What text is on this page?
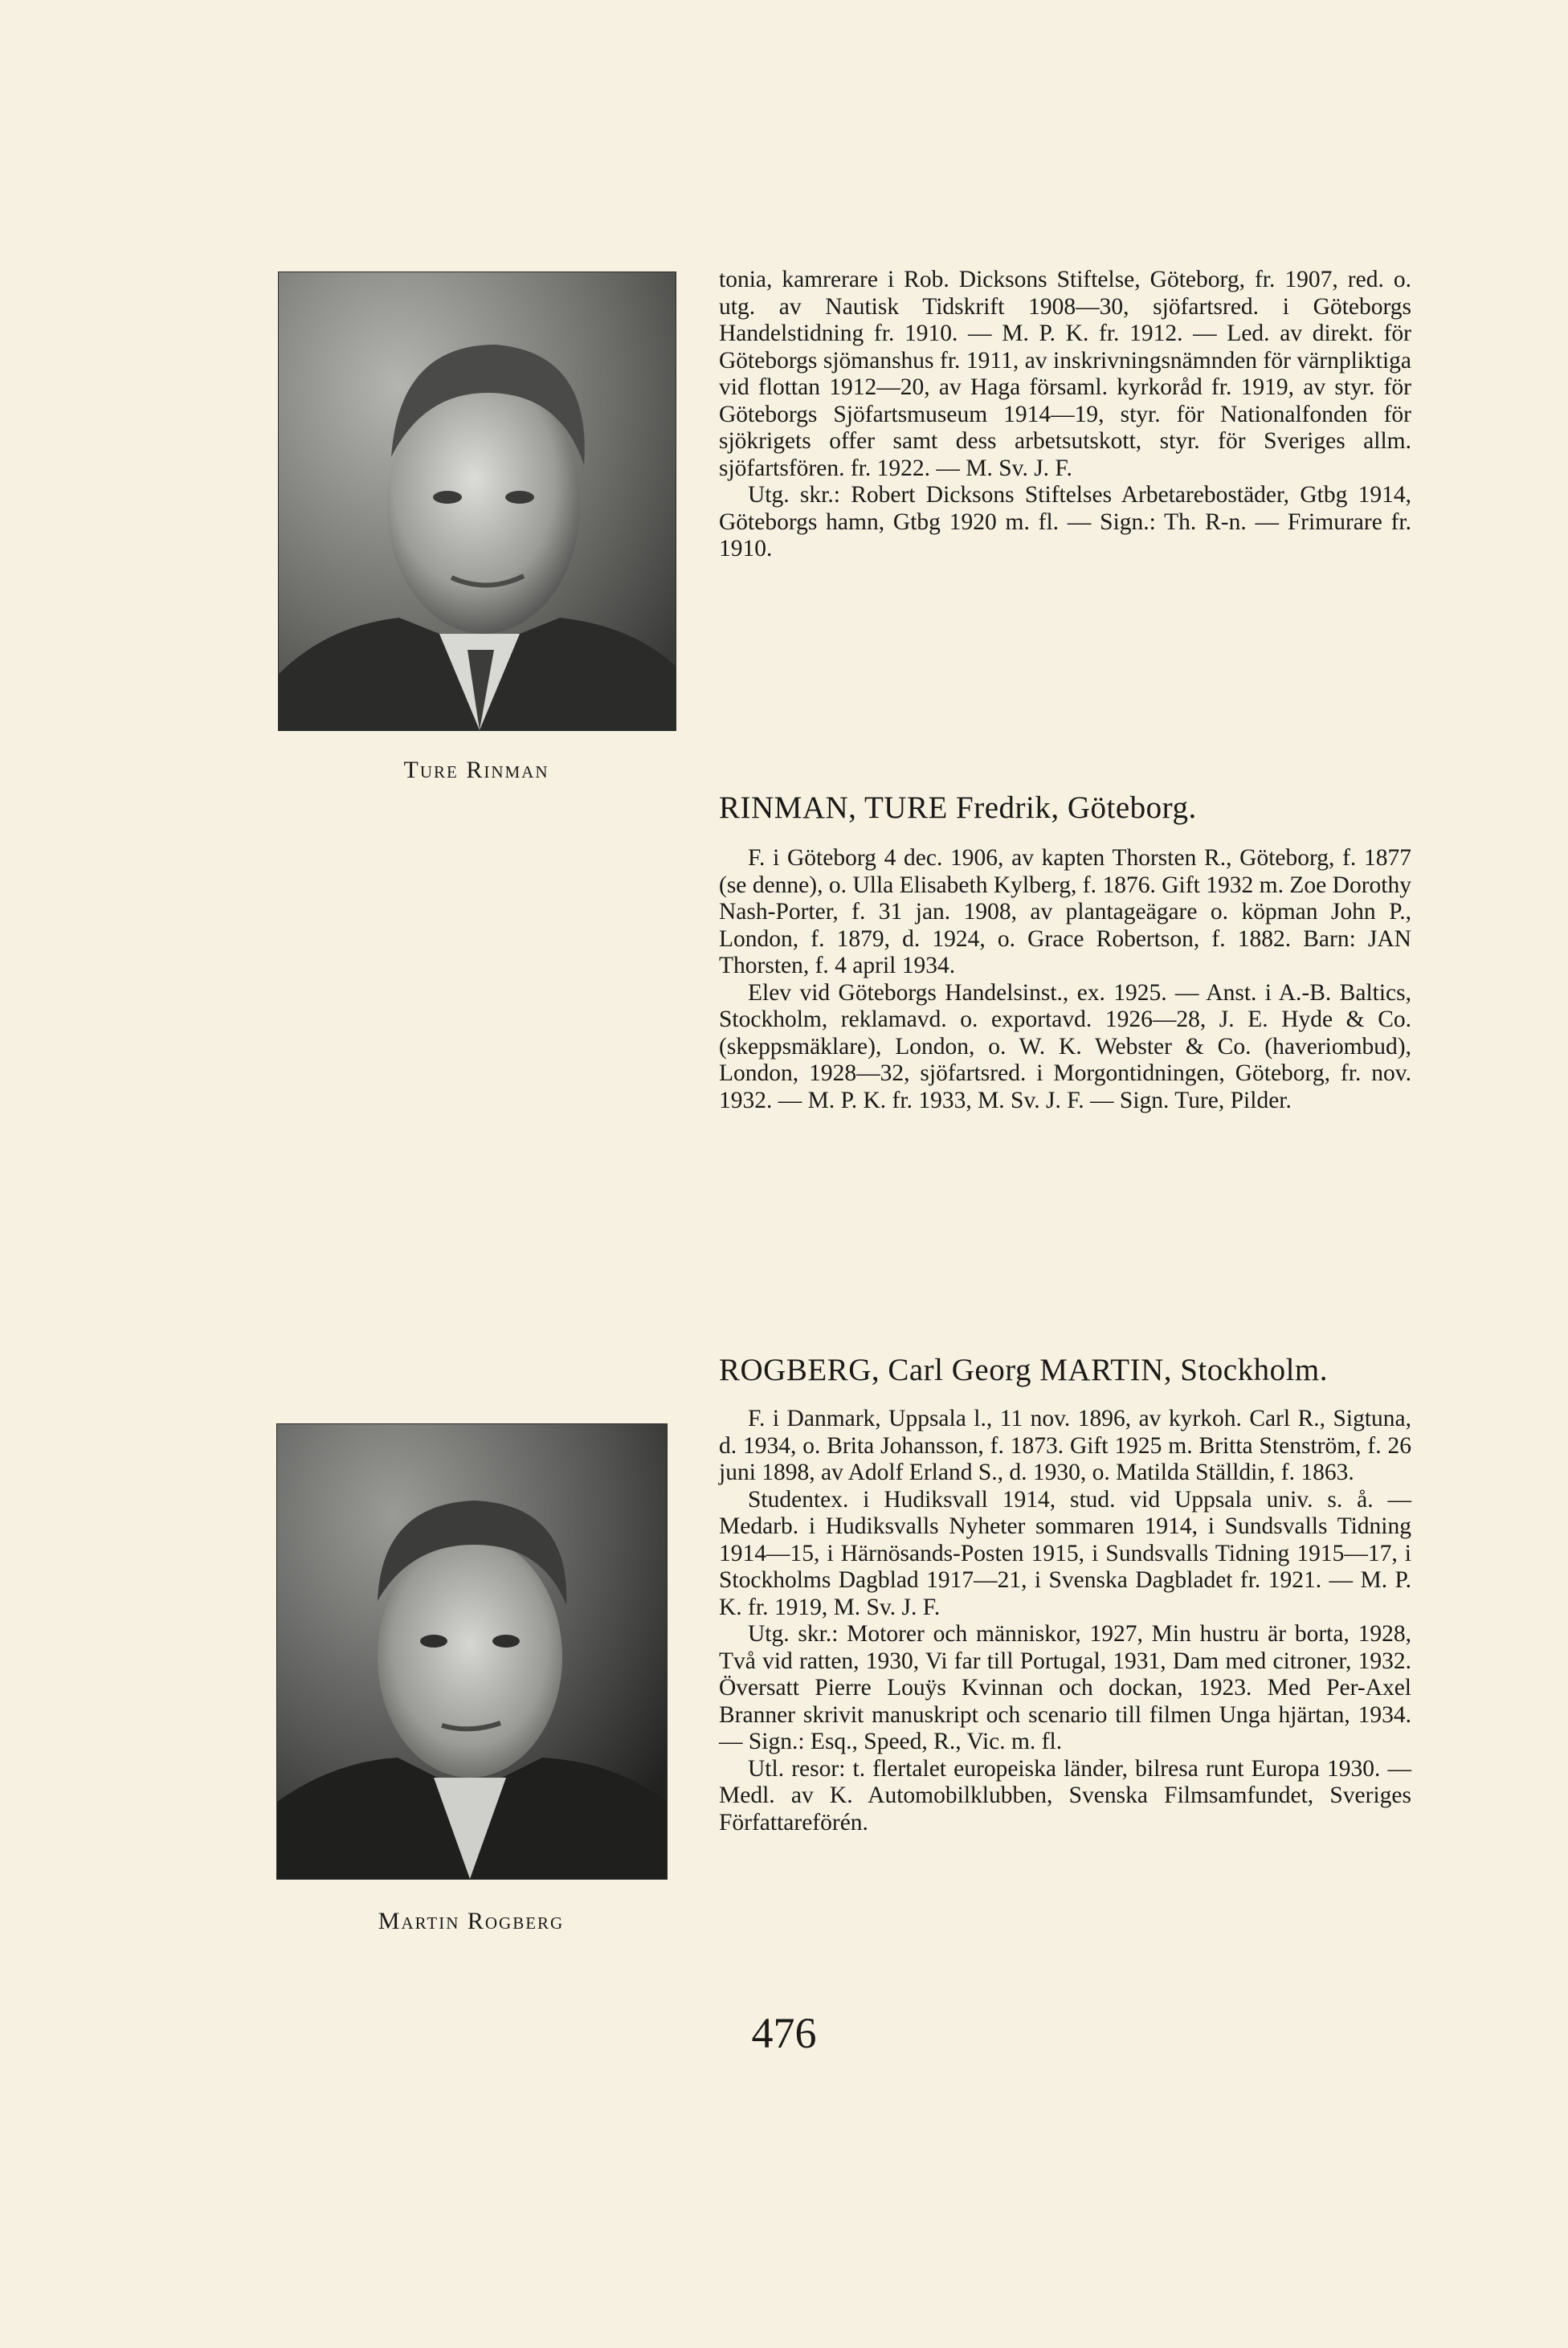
Ture Rinman

tonia, kamrerare i Rob. Dicksons Stiftelse, Göteborg, fr. 1907, red. o. utg. av Nautisk Tidskrift 1908—30, sjöfartsred. i Göteborgs Handelstidning fr. 1910. — M. P. K. fr. 1912. — Led. av direkt. för Göteborgs sjömanshus fr. 1911, av inskrivningsnämnden för värnpliktiga vid flottan 1912—20, av Haga församl. kyrkoråd fr. 1919, av styr. för Göteborgs Sjöfartsmuseum 1914—19, styr. för Nationalfonden för sjökrigets offer samt dess arbetsutskott, styr. för Sveriges allm. sjöfartsfören. fr. 1922. — M. Sv. J. F.

Utg. skr.: Robert Dicksons Stiftelses Arbetarebostäder, Gtbg 1914, Göteborgs hamn, Gtbg 1920 m. fl. — Sign.: Th. R-n. — Frimurare fr. 1910.

RINMAN, TURE Fredrik, Göteborg.

F. i Göteborg 4 dec. 1906, av kapten Thorsten R., Göteborg, f. 1877 (se denne), o. Ulla Elisabeth Kylberg, f. 1876. Gift 1932 m. Zoe Dorothy Nash-Porter, f. 31 jan. 1908, av plantageägare o. köpman John P., London, f. 1879, d. 1924, o. Grace Robertson, f. 1882. Barn: JAN Thorsten, f. 4 april 1934.

Elev vid Göteborgs Handelsinst., ex. 1925. — Anst. i A.-B. Baltics, Stockholm, reklamavd. o. exportavd. 1926—28, J. E. Hyde & Co. (skeppsmäklare), London, o. W. K. Webster & Co. (haveriombud), London, 1928—32, sjöfartsred. i Morgontidningen, Göteborg, fr. nov. 1932. — M. P. K. fr. 1933, M. Sv. J. F. — Sign. Ture, Pilder.

ROGBERG, Carl Georg MARTIN, Stockholm.

F. i Danmark, Uppsala l., 11 nov. 1896, av kyrkoh. Carl R., Sigtuna, d. 1934, o. Brita Johansson, f. 1873. Gift 1925 m. Britta Stenström, f. 26 juni 1898, av Adolf Erland S., d. 1930, o. Matilda Ställdin, f. 1863.

Studentex. i Hudiksvall 1914, stud. vid Uppsala univ. s. å. — Medarb. i Hudiksvalls Nyheter sommaren 1914, i Sundsvalls Tidning 1914—15, i Härnösands-Posten 1915, i Sundsvalls Tidning 1915—17, i Stockholms Dagblad 1917—21, i Svenska Dagbladet fr. 1921. — M. P. K. fr. 1919, M. Sv. J. F.

Utg. skr.: Motorer och människor, 1927, Min hustru är borta, 1928, Två vid ratten, 1930, Vi far till Portugal, 1931, Dam med citroner, 1932. Översatt Pierre Louÿs Kvinnan och dockan, 1923. Med Per-Axel Branner skrivit manuskript och scenario till filmen Unga hjärtan, 1934. — Sign.: Esq., Speed, R., Vic. m. fl.

Utl. resor: t. flertalet europeiska länder, bilresa runt Europa 1930. — Medl. av K. Automobilklubben, Svenska Filmsamfundet, Sveriges Författareförén.

Martin Rogberg
476
